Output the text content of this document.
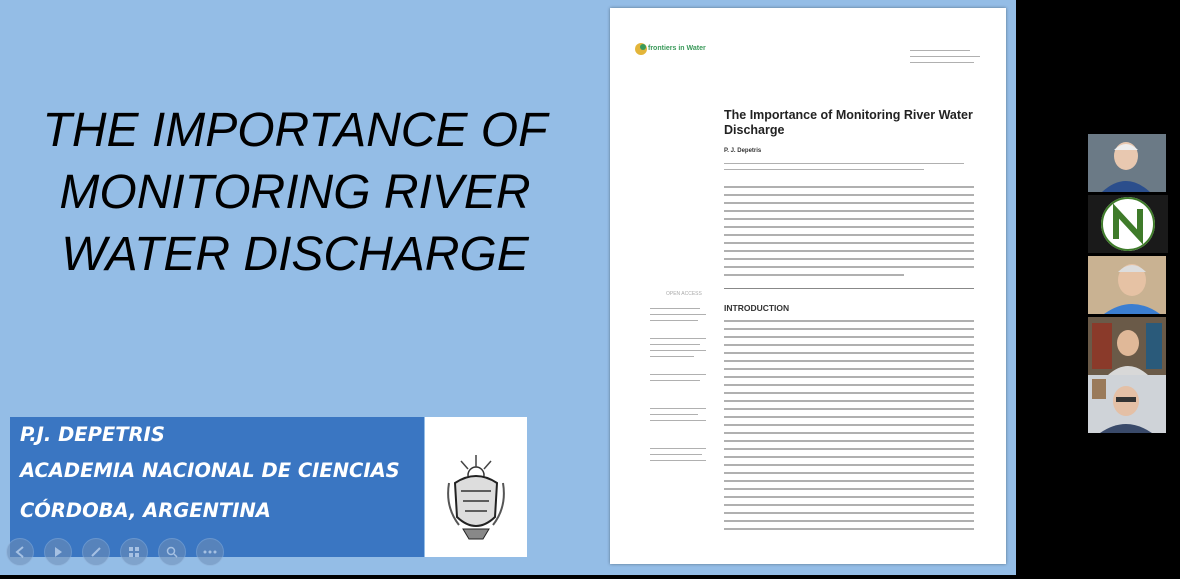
THE IMPORTANCE OF MONITORING RIVER WATER DISCHARGE
P.J. DEPETRIS
ACADEMIA NACIONAL DE CIENCIAS
CÓRDOBA, ARGENTINA
frontiers in Water
The Importance of Monitoring River Water Discharge
P. J. Depetris
OPEN ACCESS
INTRODUCTION
